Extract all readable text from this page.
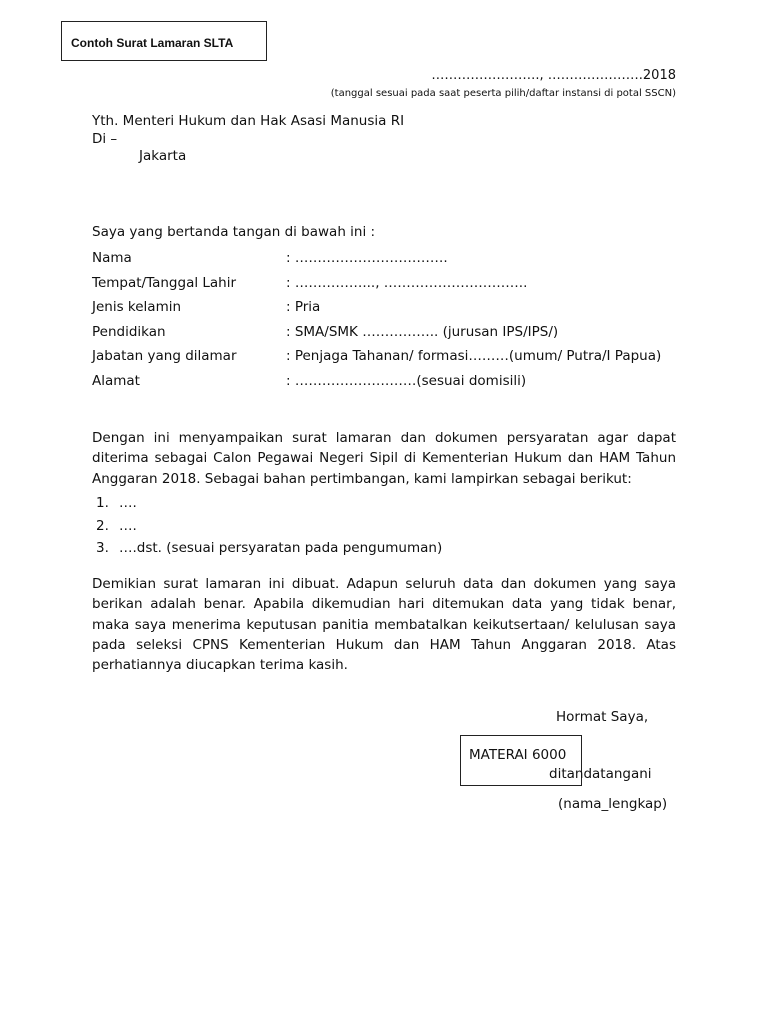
Contoh Surat Lamaran SLTA
……………………., ………………….2018
(tanggal sesuai pada saat peserta pilih/daftar instansi di potal SSCN)
Yth. Menteri Hukum dan Hak Asasi Manusia RI
Di –
Jakarta
Saya yang bertanda tangan di bawah ini :
Nama	: …………………………….
Tempat/Tanggal Lahir	: ……………..., …………………………..
Jenis kelamin	: Pria
Pendidikan	: SMA/SMK …………….. (jurusan IPS/IPS/)
Jabatan yang dilamar	: Penjaga Tahanan/ formasi………(umum/ Putra/I Papua)
Alamat	: ………………………(sesuai domisili)
Dengan ini menyampaikan surat lamaran dan dokumen persyaratan agar dapat diterima sebagai Calon Pegawai Negeri Sipil di Kementerian Hukum dan HAM Tahun Anggaran 2018. Sebagai bahan pertimbangan, kami lampirkan sebagai berikut:
1. ….
2. ….
3. ….dst. (sesuai persyaratan pada pengumuman)
Demikian surat lamaran ini dibuat. Adapun seluruh data dan dokumen yang saya berikan adalah benar. Apabila dikemudian hari ditemukan data yang tidak benar, maka saya menerima keputusan panitia membatalkan keikutsertaan/ kelulusan saya pada seleksi CPNS Kementerian Hukum dan HAM Tahun Anggaran 2018. Atas perhatiannya diucapkan terima kasih.
Hormat Saya,
MATERAI 6000
ditandatangani
(nama_lengkap)
